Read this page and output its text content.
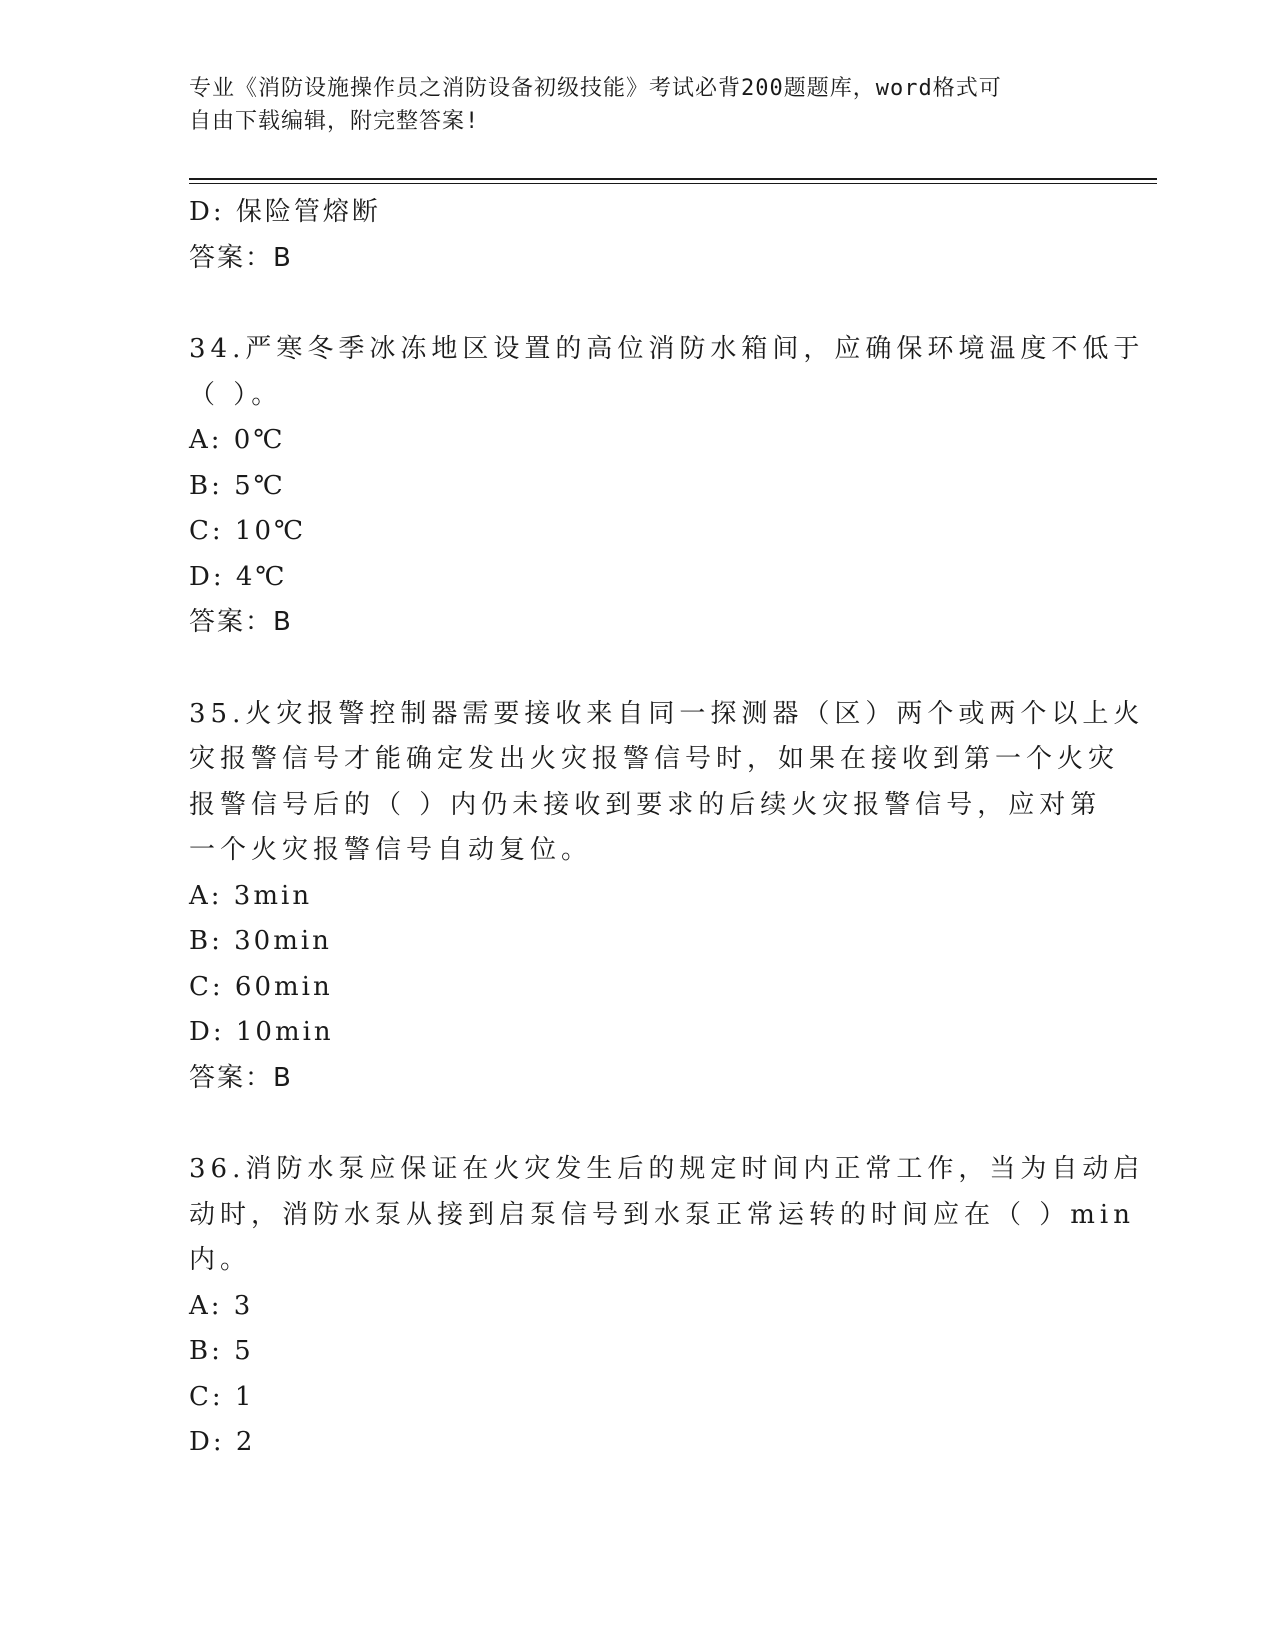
专业《消防设施操作员之消防设备初级技能》考试必背200题题库，word格式可
自由下载编辑，附完整答案!
D: 保险管熔断
答案：B
34.严寒冬季冰冻地区设置的高位消防水箱间，应确保环境温度不低于
（ ）。
A: 0℃
B: 5℃
C: 10℃
D: 4℃
答案：B
35.火灾报警控制器需要接收来自同一探测器（区）两个或两个以上火
灾报警信号才能确定发出火灾报警信号时，如果在接收到第一个火灾
报警信号后的（ ）内仍未接收到要求的后续火灾报警信号，应对第
一个火灾报警信号自动复位。
A: 3min
B: 30min
C: 60min
D: 10min
答案：B
36.消防水泵应保证在火灾发生后的规定时间内正常工作，当为自动启
动时，消防水泵从接到启泵信号到水泵正常运转的时间应在（ ）min
内。
A: 3
B: 5
C: 1
D: 2
